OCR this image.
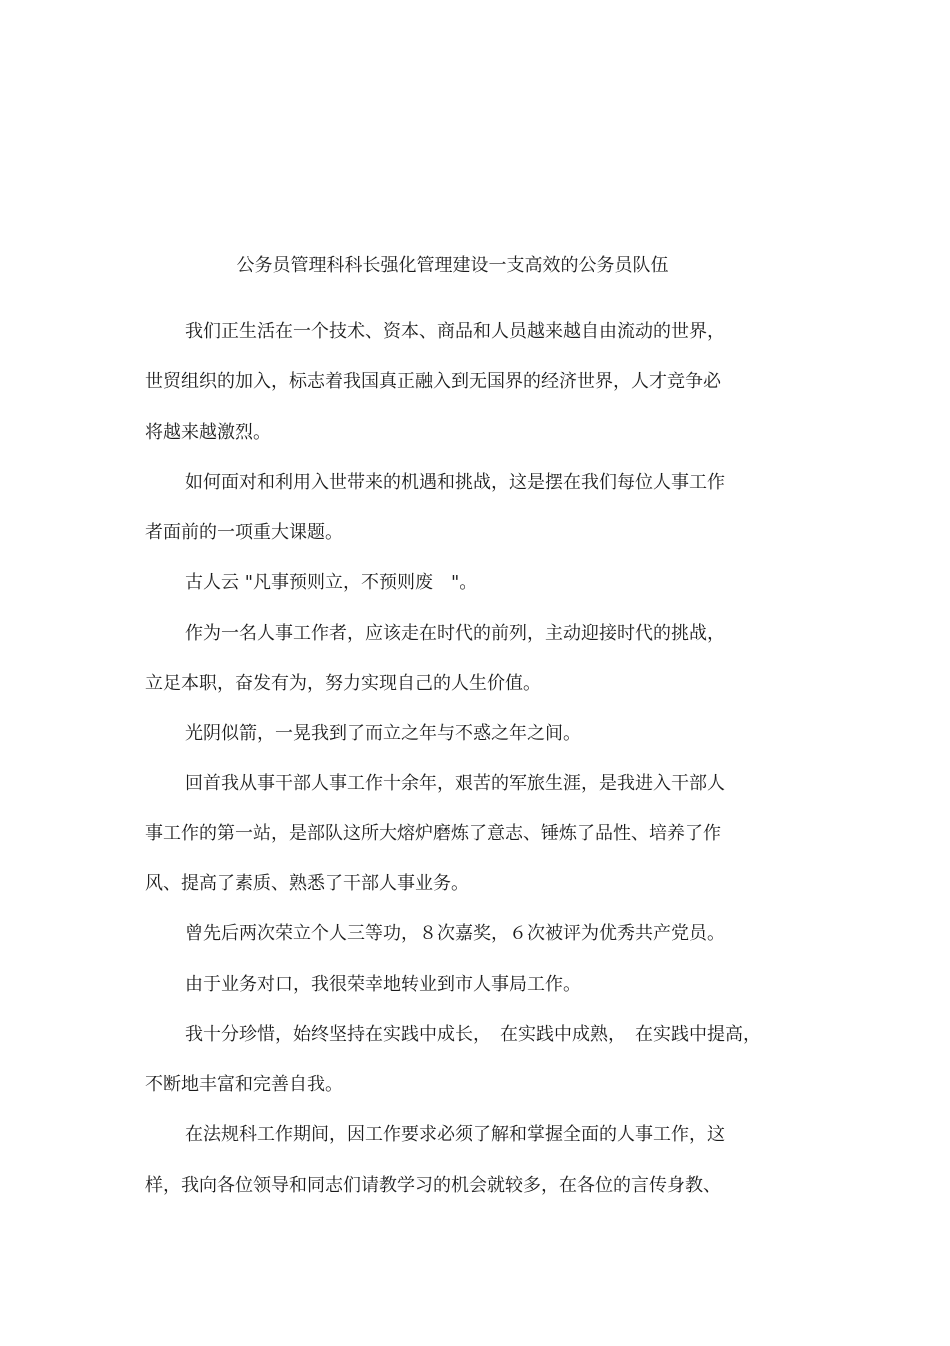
公务员管理科科长强化管理建设一支高效的公务员队伍
我们正生活在一个技术、资本、商品和人员越来越自由流动的世界，
世贸组织的加入，标志着我国真正融入到无国界的经济世界，人才竞争必
将越来越激烈。
如何面对和利用入世带来的机遇和挑战，这是摆在我们每位人事工作
者面前的一项重大课题。
古人云 "凡事预则立，不预则废　"。
作为一名人事工作者，应该走在时代的前列，主动迎接时代的挑战，
立足本职，奋发有为，努力实现自己的人生价值。
光阴似箭，一晃我到了而立之年与不惑之年之间。
回首我从事干部人事工作十余年，艰苦的军旅生涯，是我进入干部人
事工作的第一站，是部队这所大熔炉磨炼了意志、锤炼了品性、培养了作
风、提高了素质、熟悉了干部人事业务。
曾先后两次荣立个人三等功，８次嘉奖，６次被评为优秀共产党员。
由于业务对口，我很荣幸地转业到市人事局工作。
我十分珍惜，始终坚持在实践中成长，　在实践中成熟，　在实践中提高，
不断地丰富和完善自我。
在法规科工作期间，因工作要求必须了解和掌握全面的人事工作，这
样，我向各位领导和同志们请教学习的机会就较多，在各位的言传身教、
